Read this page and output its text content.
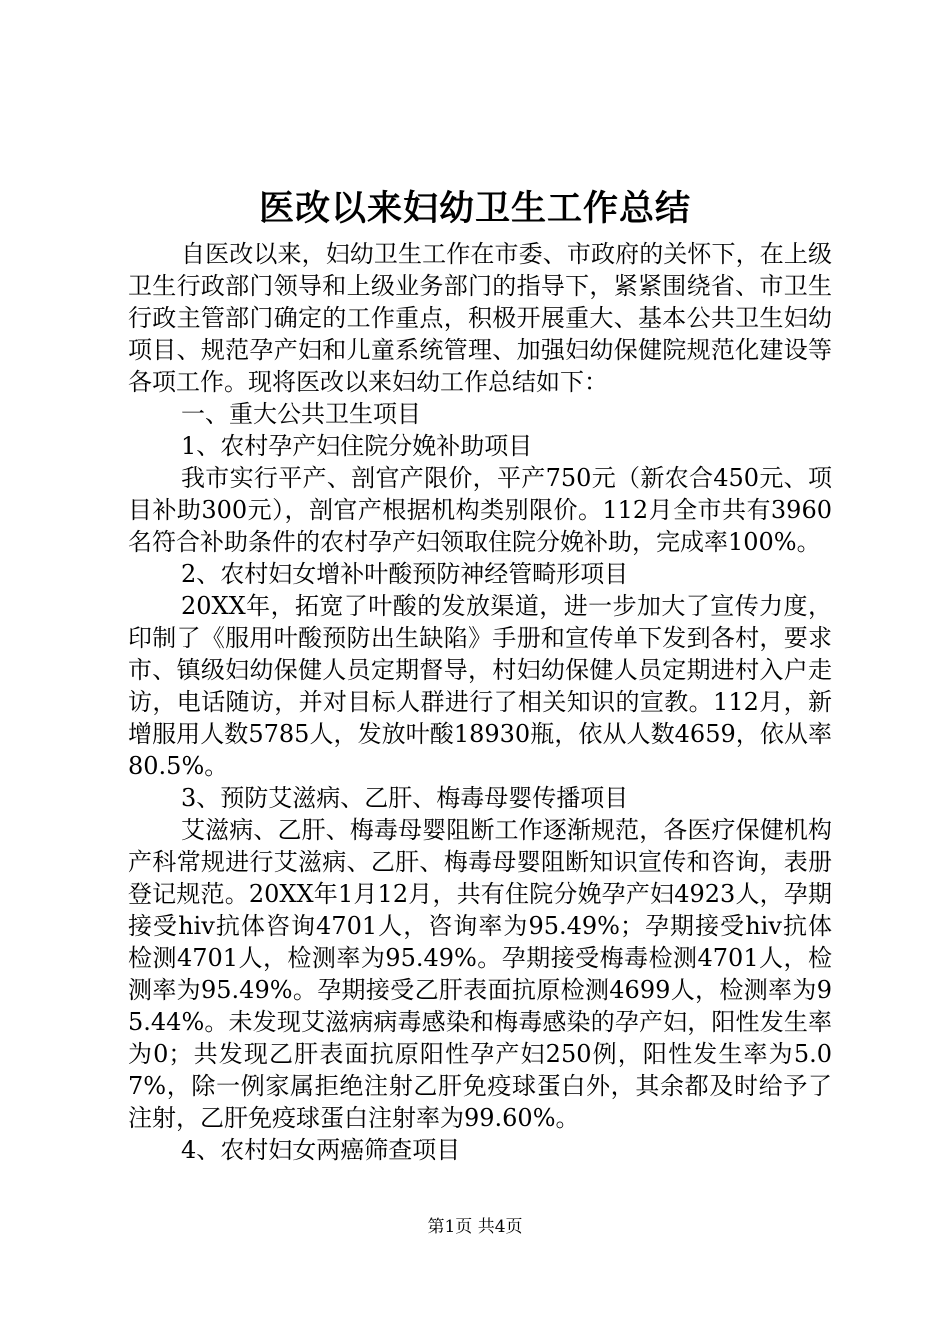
医改以来妇幼卫生工作总结

自医改以来，妇幼卫生工作在市委、市政府的关怀下，在上级卫生行政部门领导和上级业务部门的指导下，紧紧围绕省、市卫生行政主管部门确定的工作重点，积极开展重大、基本公共卫生妇幼项目、规范孕产妇和儿童系统管理、加强妇幼保健院规范化建设等各项工作。现将医改以来妇幼工作总结如下：

一、重大公共卫生项目

1、农村孕产妇住院分娩补助项目

我市实行平产、剖官产限价，平产750元（新农合450元、项目补助300元），剖官产根据机构类别限价。112月全市共有3960名符合补助条件的农村孕产妇领取住院分娩补助，完成率100%。

2、农村妇女增补叶酸预防神经管畸形项目

20XX年，拓宽了叶酸的发放渠道，进一步加大了宣传力度，印制了《服用叶酸预防出生缺陷》手册和宣传单下发到各村，要求市、镇级妇幼保健人员定期督导，村妇幼保健人员定期进村入户走访，电话随访，并对目标人群进行了相关知识的宣教。112月，新增服用人数5785人，发放叶酸18930瓶，依从人数4659，依从率80.5%。

3、预防艾滋病、乙肝、梅毒母婴传播项目

艾滋病、乙肝、梅毒母婴阻断工作逐渐规范，各医疗保健机构产科常规进行艾滋病、乙肝、梅毒母婴阻断知识宣传和咨询，表册登记规范。20XX年1月12月，共有住院分娩孕产妇4923人，孕期接受hiv抗体咨询4701人，咨询率为95.49%；孕期接受hiv抗体检测4701人，检测率为95.49%。孕期接受梅毒检测4701人，检测率为95.49%。孕期接受乙肝表面抗原检测4699人，检测率为95.44%。未发现艾滋病病毒感染和梅毒感染的孕产妇，阳性发生率为0；共发现乙肝表面抗原阳性孕产妇250例，阳性发生率为5.07%，除一例家属拒绝注射乙肝免疫球蛋白外，其余都及时给予了注射，乙肝免疫球蛋白注射率为99.60%。

4、农村妇女两癌筛查项目

第1页 共4页
